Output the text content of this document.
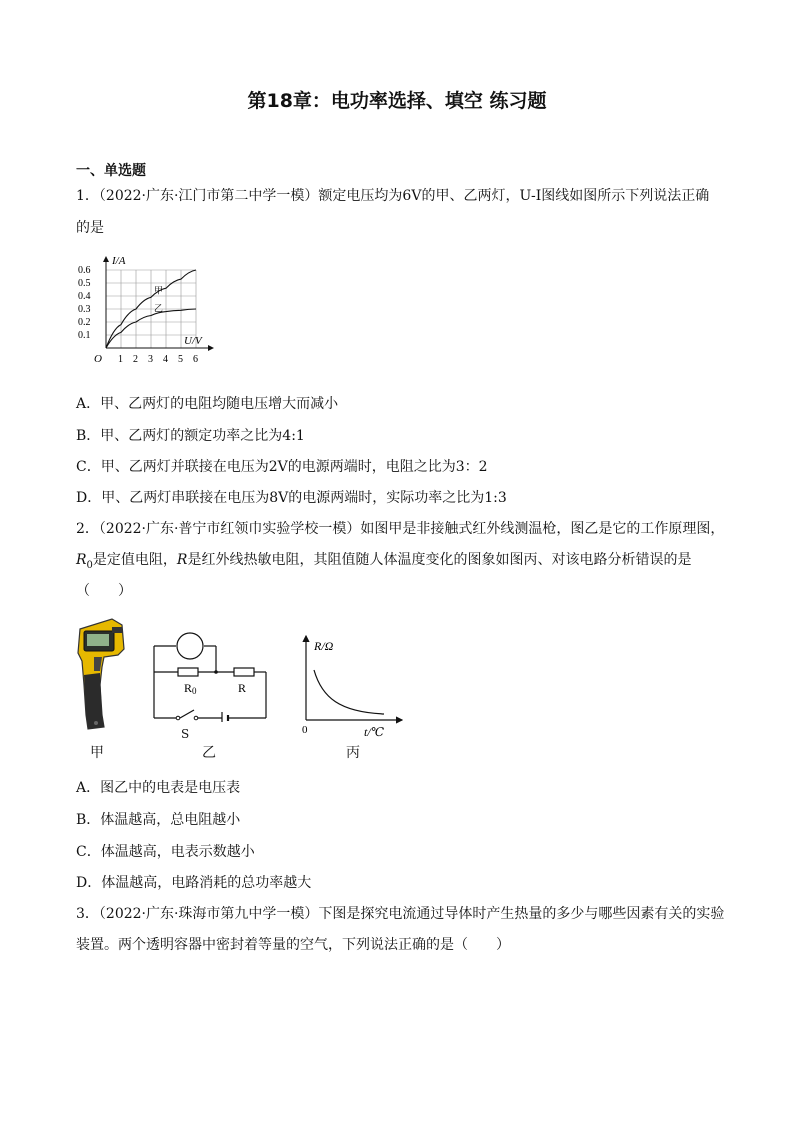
第18章：电功率选择、填空 练习题
一、单选题
1．（2022·广东·江门市第二中学一模）额定电压均为6V的甲、乙两灯，U-I图线如图所示下列说法正确
的是
甲
乙
1 2 3 4 5 6
0.1
0.2
0.3
0.4
0.5
0.6
O
I/A
U/V
A．甲、乙两灯的电阻均随电压增大而减小
B．甲、乙两灯的额定功率之比为4:1
C．甲、乙两灯并联接在电压为2V的电源两端时，电阻之比为3：2
D．甲、乙两灯串联接在电压为8V的电源两端时，实际功率之比为1:3
2．（2022·广东·普宁市红领巾实验学校一模）如图甲是非接触式红外线测温枪，图乙是它的工作原理图，
$R_0$是定值电阻，R是红外线热敏电阻，其阻值随人体温度变化的图象如图丙、对该电路分析错误的是
（　　）
R0	R
S
R/Ω
0	t/℃
甲	乙	丙
A．图乙中的电表是电压表
B．体温越高，总电阻越小
C．体温越高，电表示数越小
D．体温越高，电路消耗的总功率越大
3．（2022·广东·珠海市第九中学一模）下图是探究电流通过导体时产生热量的多少与哪些因素有关的实验
装置。两个透明容器中密封着等量的空气，下列说法正确的是（　　）
